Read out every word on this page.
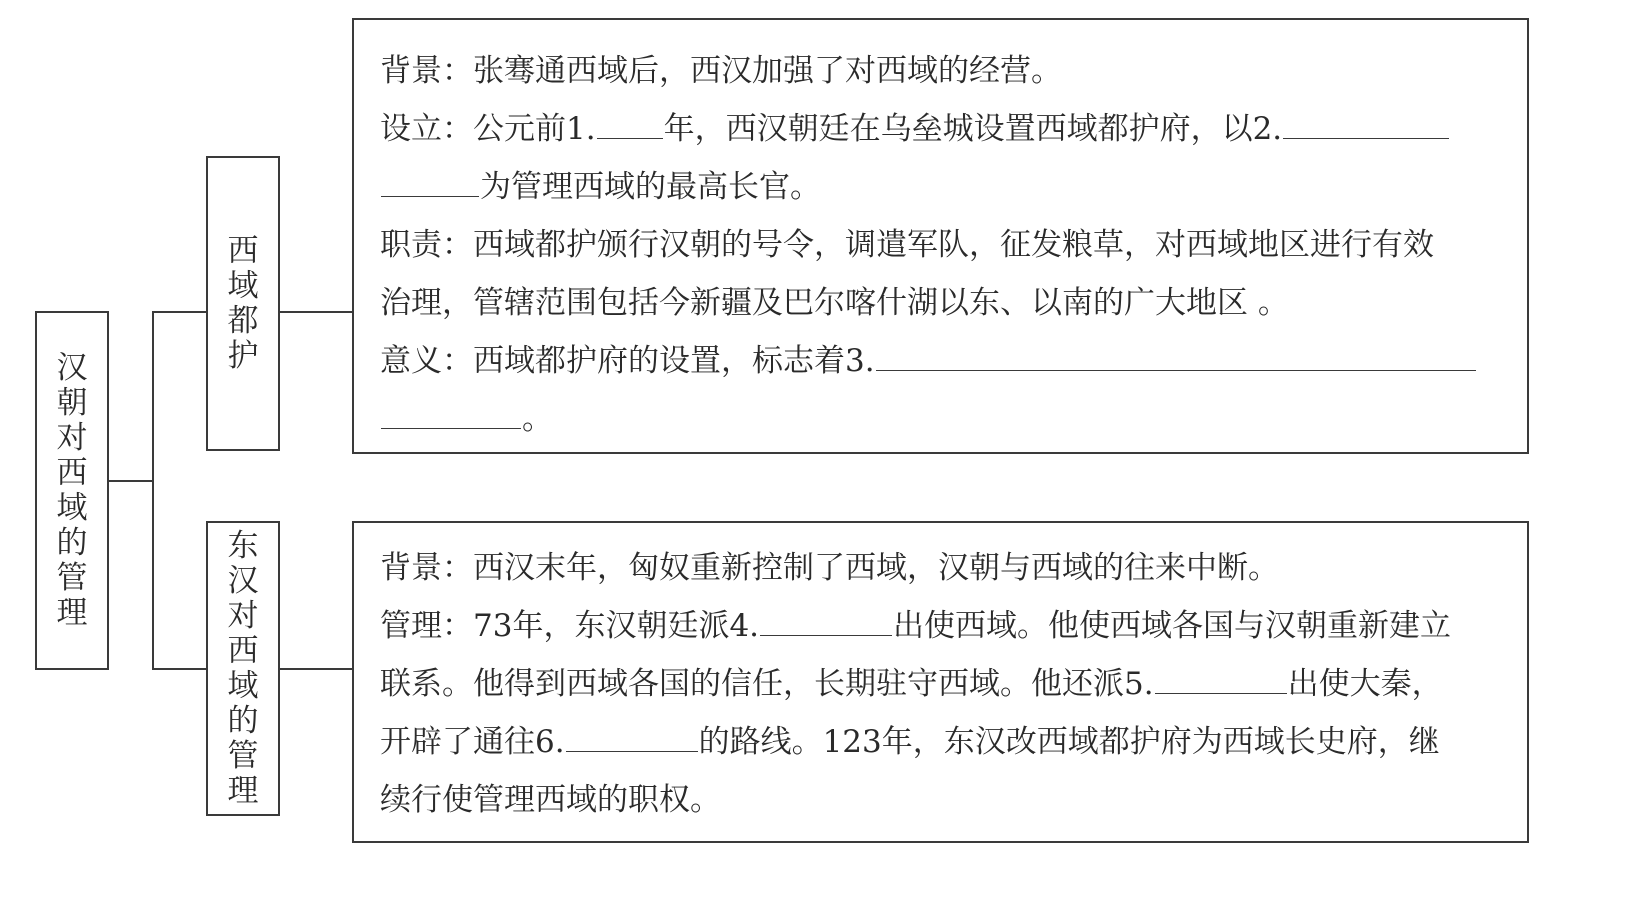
汉
朝
对
西
域
的
管
理
西
域
都
护
东
汉
对
西
域
的
管
理
背景：张骞通西域后，西汉加强了对西域的经营。
设立：公元前1. 年，西汉朝廷在乌垒城设置西域都护府，以2.
为管理西域的最高长官。
职责：西域都护颁行汉朝的号令，调遣军队，征发粮草，对西域地区进行有效
治理，管辖范围包括今新疆及巴尔喀什湖以东、以南的广大地区 。
意义：西域都护府的设置，标志着3.
。
背景：西汉末年，匈奴重新控制了西域，汉朝与西域的往来中断。
管理：73年，东汉朝廷派4.	出使西域。他使西域各国与汉朝重新建立
联系。他得到西域各国的信任，长期驻守西域。他还派5.	出使大秦，
开辟了通往6.	的路线。123年，东汉改西域都护府为西域长史府，继
续行使管理西域的职权。
